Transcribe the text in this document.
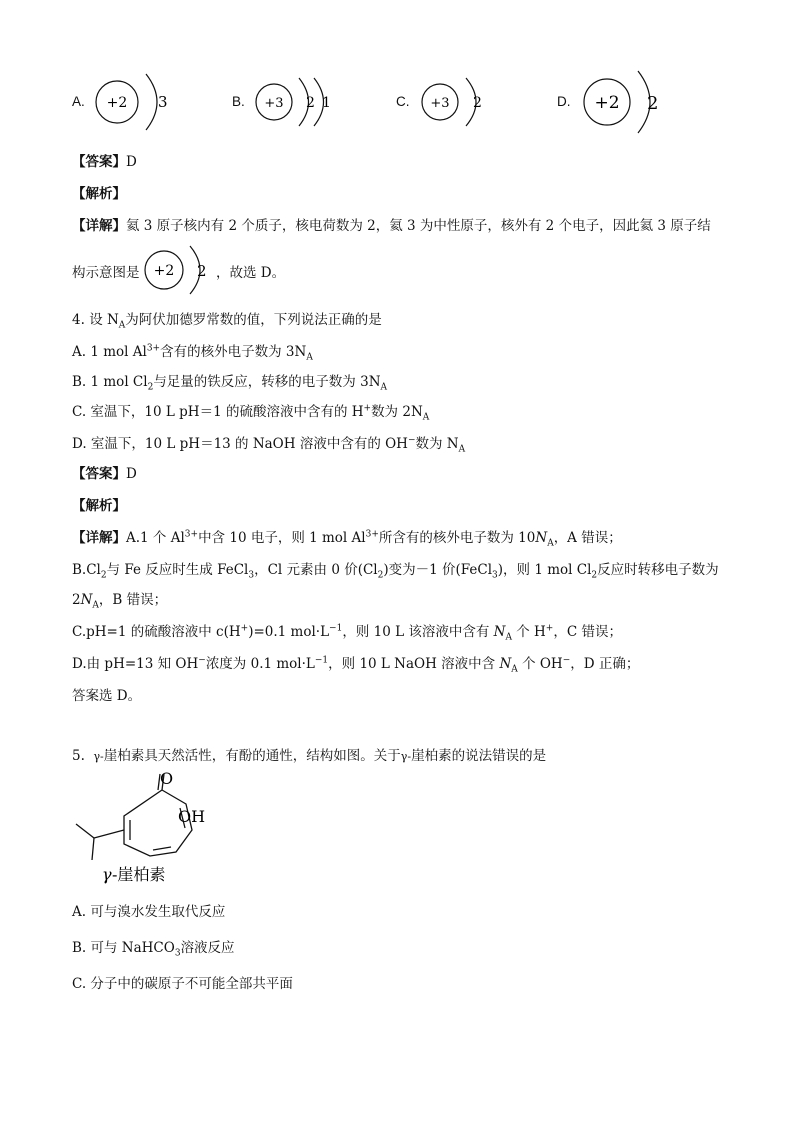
A. +2 3	B. +3 2 1	C. +3 2	D. +2 2
【答案】D
【解析】
【详解】氦 3 原子核内有 2 个质子，核电荷数为 2，氦 3 为中性原子，核外有 2 个电子，因此氦 3 原子结
构示意图是 +2 2 ，故选 D。
4. 设 $N_A$为阿伏加德罗常数的值，下列说法正确的是
A. 1 mol $Al^{3+}$含有的核外电子数为 $3N_A$
B. 1 mol $Cl_2$与足量的铁反应，转移的电子数为 $3N_A$
C. 室温下，10 L pH＝1 的硫酸溶液中含有的 H+数为 $2N_A$
D. 室温下，10 L pH＝13 的 NaOH 溶液中含有的 OH−数为 $N_A$
【答案】D
【解析】
【详解】A.1 个 $Al^{3+}$中含 10 电子，则 1 mol $Al^{3+}$所含有的核外电子数为 $10N_A$，A 错误；
$B.Cl_2$与 Fe 反应时生成 FeCl$_3$，Cl 元素由 0 价$(Cl_2)$变为－1 价(FeCl$_3$)，则 1 mol $Cl_2$反应时转移电子数为
$2N_A$，B 错误；
C.pH=1 的硫酸溶液中 c(H+)=0.1 $mol\cdot L^{-1}$，则 10 L 该溶液中含有 $N_A$ 个 H+，C 错误；
D.由 pH=13 知 OH−浓度为 0.1 $mol\cdot L^{-1}$，则 10 L NaOH 溶液中含 $N_A$ 个 OH−，D 正确；
答案选 D。
5. γ-崖柏素具天然活性，有酚的通性，结构如图。关于γ-崖柏素的说法错误的是
O
OH
γ -崖柏素
A. 可与溴水发生取代反应
B. 可与 NaHCO$_3$溶液反应
C. 分子中的碳原子不可能全部共平面
